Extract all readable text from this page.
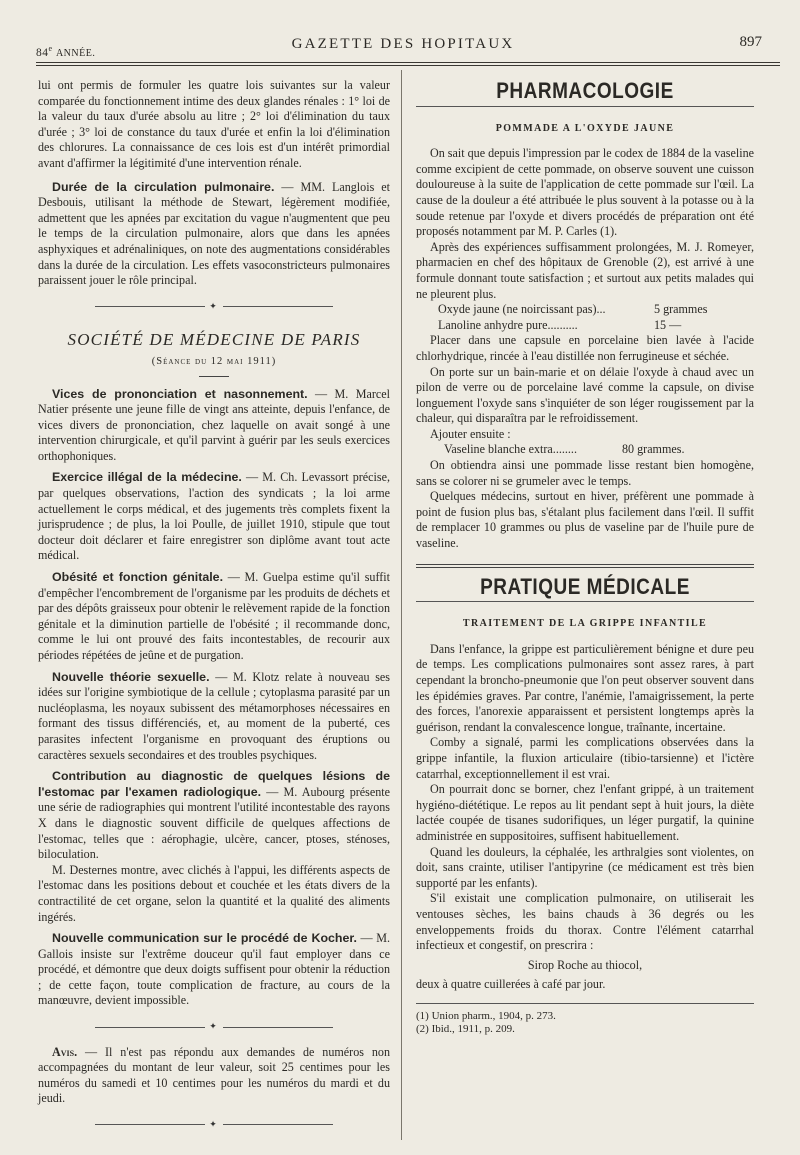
84e ANNÉE.
GAZETTE DES HOPITAUX	897

lui ont permis de formuler les quatre lois suivantes sur la valeur comparée du fonctionnement intime des deux glandes rénales : 1° loi de la valeur du taux d'urée absolu au litre ; 2° loi d'élimination du taux d'urée ; 3° loi de constance du taux d'urée et enfin la loi d'élimination des chlorures. La connaissance de ces lois est d'un intérêt primordial avant d'affirmer la légitimité d'une intervention rénale.

Durée de la circulation pulmonaire. — MM. Langlois et Desbouis, utilisant la méthode de Stewart, légèrement modifiée, admettent que les apnées par excitation du vague n'augmentent que peu le temps de la circulation pulmonaire, alors que dans les apnées asphyxiques et adrénaliniques, on note des augmentations considérables dans la durée de la circulation. Les effets vasoconstricteurs pulmonaires paraissent jouer le rôle principal.

✦
SOCIÉTÉ DE MÉDECINE DE PARIS
(Séance du 12 mai 1911)

Vices de prononciation et nasonnement. — M. Marcel Natier présente une jeune fille de vingt ans atteinte, depuis l'enfance, de vices divers de prononciation, chez laquelle on avait songé à une intervention chirurgicale, et qu'il parvint à guérir par les seuls exercices orthophoniques.

Exercice illégal de la médecine. — M. Ch. Levassort précise, par quelques observations, l'action des syndicats ; la loi arme actuellement le corps médical, et des jugements très complets fixent la jurisprudence ; de plus, la loi Poulle, de juillet 1910, stipule que tout docteur doit déclarer et faire enregistrer son diplôme avant tout acte médical.

Obésité et fonction génitale. — M. Guelpa estime qu'il suffit d'empêcher l'encombrement de l'organisme par les produits de déchets et par des dépôts graisseux pour obtenir le relèvement rapide de la fonction génitale et la diminution partielle de l'obésité ; il recommande donc, comme le lui ont prouvé des faits incontestables, de recourir aux périodes répétées de jeûne et de purgation.

Nouvelle théorie sexuelle. — M. Klotz relate à nouveau ses idées sur l'origine symbiotique de la cellule ; cytoplasma parasité par un nucléoplasma, les noyaux subissent des métamorphoses nécessaires en formant des tissus différenciés, et, au moment de la puberté, ces parasites infectent l'organisme en provoquant des éruptions ou caractères sexuels secondaires et des troubles psychiques.

Contribution au diagnostic de quelques lésions de l'estomac par l'examen radiologique. — M. Aubourg présente une série de radiographies qui montrent l'utilité incontestable des rayons X dans le diagnostic souvent difficile de quelques affections de l'estomac, telles que : aérophagie, ulcère, cancer, ptoses, sténoses, biloculation.

M. Desternes montre, avec clichés à l'appui, les différents aspects de l'estomac dans les positions debout et couchée et les états divers de la contractilité de cet organe, selon la quantité et la qualité des aliments ingérés.

Nouvelle communication sur le procédé de Kocher. — M. Gallois insiste sur l'extrême douceur qu'il faut employer dans ce procédé, et démontre que deux doigts suffisent pour obtenir la réduction ; de cette façon, toute complication de fracture, au cours de la manœuvre, devient impossible.

✦

Avis. — Il n'est pas répondu aux demandes de numéros non accompagnées du montant de leur valeur, soit 25 centimes pour les numéros du samedi et 10 centimes pour les numéros du mardi et du jeudi.

✦
PHARMACOLOGIE
POMMADE A L'OXYDE JAUNE

On sait que depuis l'impression par le codex de 1884 de la vaseline comme excipient de cette pommade, on observe souvent une cuisson douloureuse à la suite de l'application de cette pommade sur l'œil. La cause de la douleur a été attribuée le plus souvent à la potasse ou à la soude retenue par l'oxyde et divers procédés de préparation ont été proposés notamment par M. P. Carles (1).

Après des expériences suffisamment prolongées, M. J. Romeyer, pharmacien en chef des hôpitaux de Grenoble (2), est arrivé à une formule donnant toute satisfaction ; et surtout aux petits malades qui ne pleurent plus.

Oxyde jaune (ne noircissant pas)...	5 grammes
Lanoline anhydre pure..........	15 —

Placer dans une capsule en porcelaine bien lavée à l'acide chlorhydrique, rincée à l'eau distillée non ferrugineuse et séchée.

On porte sur un bain-marie et on délaie l'oxyde à chaud avec un pilon de verre ou de porcelaine lavé comme la capsule, on divise longuement l'oxyde sans s'inquiéter de son léger rougissement par la chaleur, qui disparaîtra par le refroidissement.

Ajouter ensuite :

Vaseline blanche extra........	80 grammes.

On obtiendra ainsi une pommade lisse restant bien homogène, sans se colorer ni se grumeler avec le temps.

Quelques médecins, surtout en hiver, préfèrent une pommade à point de fusion plus bas, s'étalant plus facilement dans l'œil. Il suffit de remplacer 10 grammes ou plus de vaseline par de l'huile pure de vaseline.

PRATIQUE MÉDICALE
TRAITEMENT DE LA GRIPPE INFANTILE

Dans l'enfance, la grippe est particulièrement bénigne et dure peu de temps. Les complications pulmonaires sont assez rares, à part cependant la broncho-pneumonie que l'on peut observer souvent dans les épidémies graves. Par contre, l'anémie, l'amaigrissement, la perte des forces, l'anorexie apparaissent et persistent longtemps après la guérison, rendant la convalescence longue, traînante, incertaine.

Comby a signalé, parmi les complications observées dans la grippe infantile, la fluxion articulaire (tibio-tarsienne) et l'ictère catarrhal, exceptionnellement il est vrai.

On pourrait donc se borner, chez l'enfant grippé, à un traitement hygiéno-diététique. Le repos au lit pendant sept à huit jours, la diète lactée coupée de tisanes sudorifiques, un léger purgatif, la quinine administrée en suppositoires, suffisent habituellement.

Quand les douleurs, la céphalée, les arthralgies sont violentes, on doit, sans crainte, utiliser l'antipyrine (ce médicament est très bien supporté par les enfants).

S'il existait une complication pulmonaire, on utiliserait les ventouses sèches, les bains chauds à 36 degrés ou les enveloppements froids du thorax. Contre l'élément catarrhal infectieux et congestif, on prescrira :

Sirop Roche au thiocol,

deux à quatre cuillerées à café par jour.

(1) Union pharm., 1904, p. 273.

(2) Ibid., 1911, p. 209.
